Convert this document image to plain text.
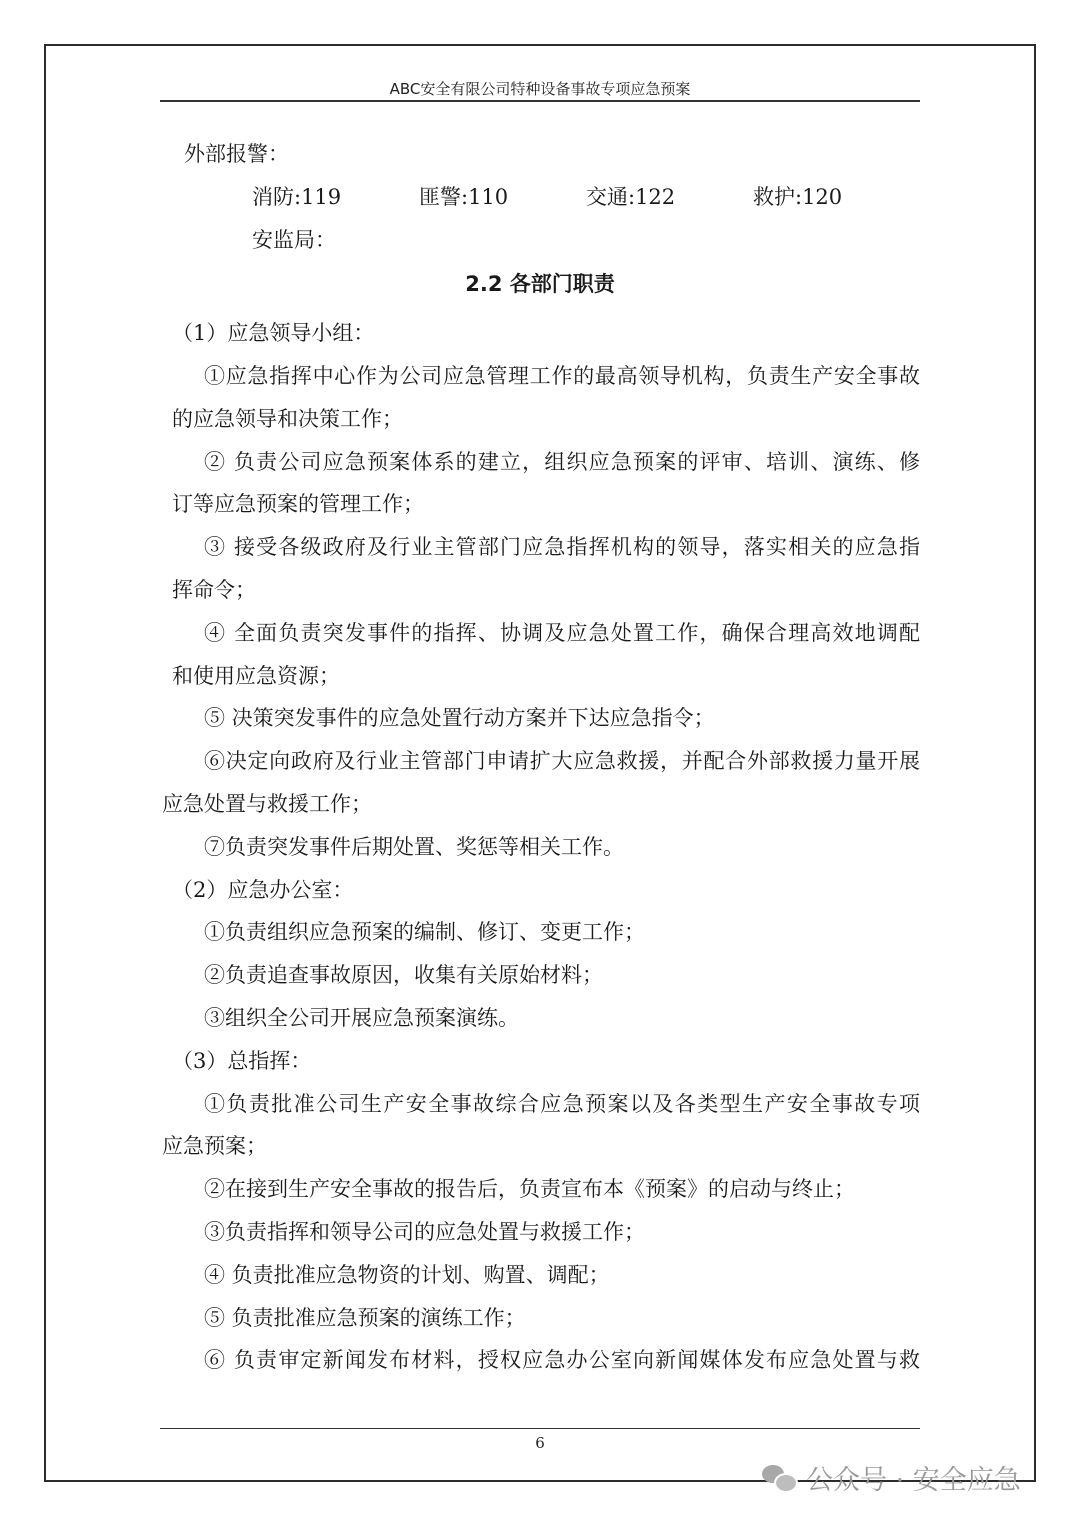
ABC安全有限公司特种设备事故专项应急预案

外部报警：

消防:119	匪警:110	交通:122	救护:120

安监局：

2.2 各部门职责

（1）应急领导小组：

①应急指挥中心作为公司应急管理工作的最高领导机构，负责生产安全事故

的应急领导和决策工作；

② 负责公司应急预案体系的建立，组织应急预案的评审、培训、演练、修

订等应急预案的管理工作；

③ 接受各级政府及行业主管部门应急指挥机构的领导，落实相关的应急指

挥命令；

④ 全面负责突发事件的指挥、协调及应急处置工作，确保合理高效地调配

和使用应急资源；

⑤ 决策突发事件的应急处置行动方案并下达应急指令；

⑥决定向政府及行业主管部门申请扩大应急救援，并配合外部救援力量开展

应急处置与救援工作；

⑦负责突发事件后期处置、奖惩等相关工作。

（2）应急办公室：

①负责组织应急预案的编制、修订、变更工作；

②负责追查事故原因，收集有关原始材料；

③组织全公司开展应急预案演练。

（3）总指挥：

①负责批准公司生产安全事故综合应急预案以及各类型生产安全事故专项

应急预案；

②在接到生产安全事故的报告后，负责宣布本《预案》的启动与终止；

③负责指挥和领导公司的应急处置与救援工作；

④ 负责批准应急物资的计划、购置、调配；

⑤ 负责批准应急预案的演练工作；

⑥ 负责审定新闻发布材料，授权应急办公室向新闻媒体发布应急处置与救

6
公众号 · 安全应急
